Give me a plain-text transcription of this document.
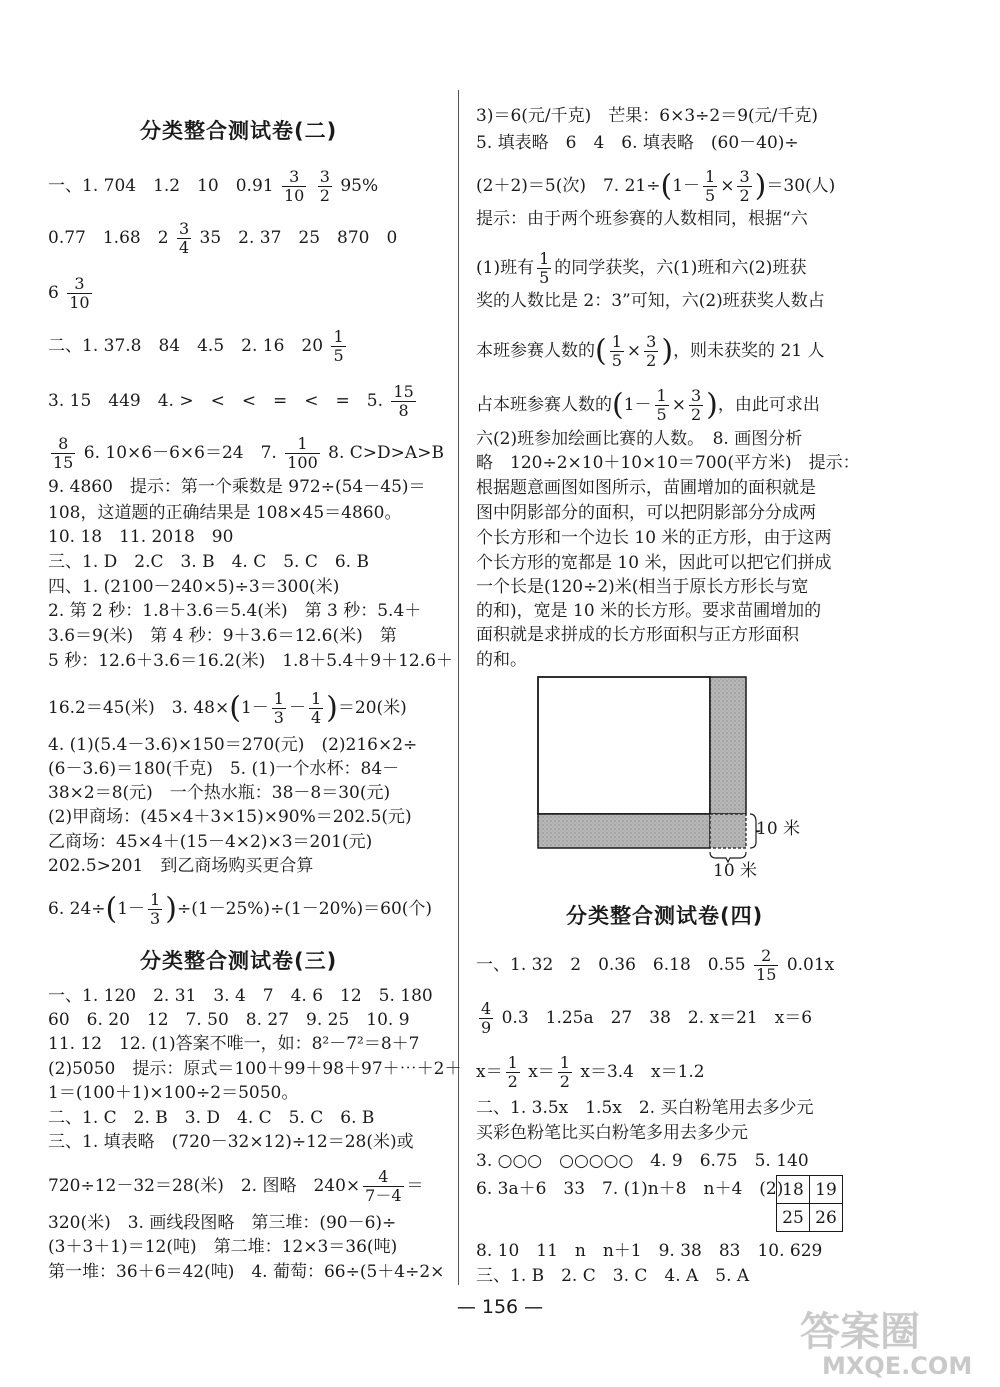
分类整合测试卷(二)
一、1. 704　1.2　10　$0.91 \frac{3}{10}$
$\frac{3}{2} 95\%$
0.77　1.68　$2 \frac{3}{4} 35$　2. 37　25　870　0
$6 \frac{3}{10}$
二、1. 37.8　84　4.5　2. 16　$20 \frac{1}{5}$
3. 15　449　4. >　<　<　=　<　=　5. $\frac{15}{8}$
$\frac{8}{15} 6$. 10×6－6×6＝24　7. $\frac{1}{100} 8$. C>D>A>B
9. 4860　提示：第一个乘数是 972÷(54－45)＝
108，这道题的正确结果是 108×45＝4860。
10. 18　11. 2018　90
三、1. D　2.C　3. B　4. C　5. C　6. B
四、1. (2100－240×5)÷3＝300(米)
2. 第 2 秒：1.8＋3.6＝5.4(米)　第 3 秒：5.4＋
3.6＝9(米)　第 4 秒：9＋3.6＝12.6(米)　第
5 秒：12.6＋3.6＝16.2(米)　1.8＋5.4＋9＋12.6＋
16.2＝45(米)　3. $48\times(1- \frac{1}{3} - \frac{1}{4} )=20$(米)
4. (1)(5.4－3.6)×150＝270(元)　(2)216×2÷
(6－3.6)＝180(千克)　5. (1)一个水杯：84－
38×2＝8(元)　一个热水瓶：38－8＝30(元)
(2)甲商场：(45×4＋3×15)×90%＝202.5(元)
乙商场：45×4＋(15－4×2)×3＝201(元)
202.5>201　到乙商场购买更合算
6. $24\div(1- \frac{1}{3} )\div(1-25\%)\div(1-20\%)=60$(个)
分类整合测试卷(三)
一、1. 120　2. 31　3. 4　7　4. 6　12　5. 180
60　6. 20　12　7. 50　8. 27　9. 25　10. 9
11. 12　12. (1)答案不唯一，如：8²－7²＝8＋7
(2)5050　提示：原式＝100＋99＋98＋97＋⋯＋2＋
1＝(100＋1)×100÷2＝5050。
二、1. C　2. B　3. D　4. C　5. C　6. B
三、1. 填表略　(720－32×12)÷12＝28(米)或
720÷12－32＝28(米)　2. 图略　$240\times \frac{4}{7-4}$ ＝
320(米)　3. 画线段图略　第三堆：(90－6)÷
(3＋3＋1)＝12(吨)　第二堆：12×3＝36(吨)
第一堆：36＋6＝42(吨)　4. 葡萄：66÷(5＋4÷2×
3)＝6(元/千克)　芒果：6×3÷2＝9(元/千克)
5. 填表略　6　4　6. 填表略　(60－40)÷
(2＋2)＝5(次)　7. $21\div(1- \frac{1}{5} \times \frac{3}{2} )=30$(人)
提示：由于两个班参赛的人数相同，根据“六
(1)班有 $\frac{1}{5}$ 的同学获奖，六(1)班和六(2)班获
奖的人数比是 2：3”可知，六(2)班获奖人数占
本班参赛人数的( $\frac{1}{5} \times \frac{3}{2}$ )，则未获奖的 21 人
占本班参赛人数的($1- \frac{1}{5} \times \frac{3}{2}$ )，由此可求出
六(2)班参加绘画比赛的人数。　8. 画图分析
略　120÷2×10＋10×10＝700(平方米)　提示：
根据题意画图如图所示，苗圃增加的面积就是
图中阴影部分的面积，可以把阴影部分分成两
个长方形和一个边长 10 米的正方形，由于这两
个长方形的宽都是 10 米，因此可以把它们拼成
一个长是(120÷2)米(相当于原长方形长与宽
的和)，宽是 10 米的长方形。要求苗圃增加的
面积就是求拼成的长方形面积与正方形面积
的和。
10 米
10 米
分类整合测试卷(四)
一、1. 32　2　0.36　6.18　$0.55 \frac{2}{15} 0.01x$
$\frac{4}{9} 0.3$　1.25a　27　38　2. x＝21　x＝6
$x= \frac{1}{2} x= \frac{1}{2} x=3.4$　x＝1.2
二、1. 3.5x　1.5x　2. 买白粉笔用去多少元
买彩色粉笔比买白粉笔多用去多少元
3. ○○○　○○○○○　4. 9　6.75　5. 140
6. 3a＋6　33　7. (1)n＋8　n＋4　(2)
18	19
25	26
8. 10　11　n　n＋1　9. 38　83　10. 629
三、1. B　2. C　3. C　4. A　5. A
— 156 —
答案圈
MXQE.COM
